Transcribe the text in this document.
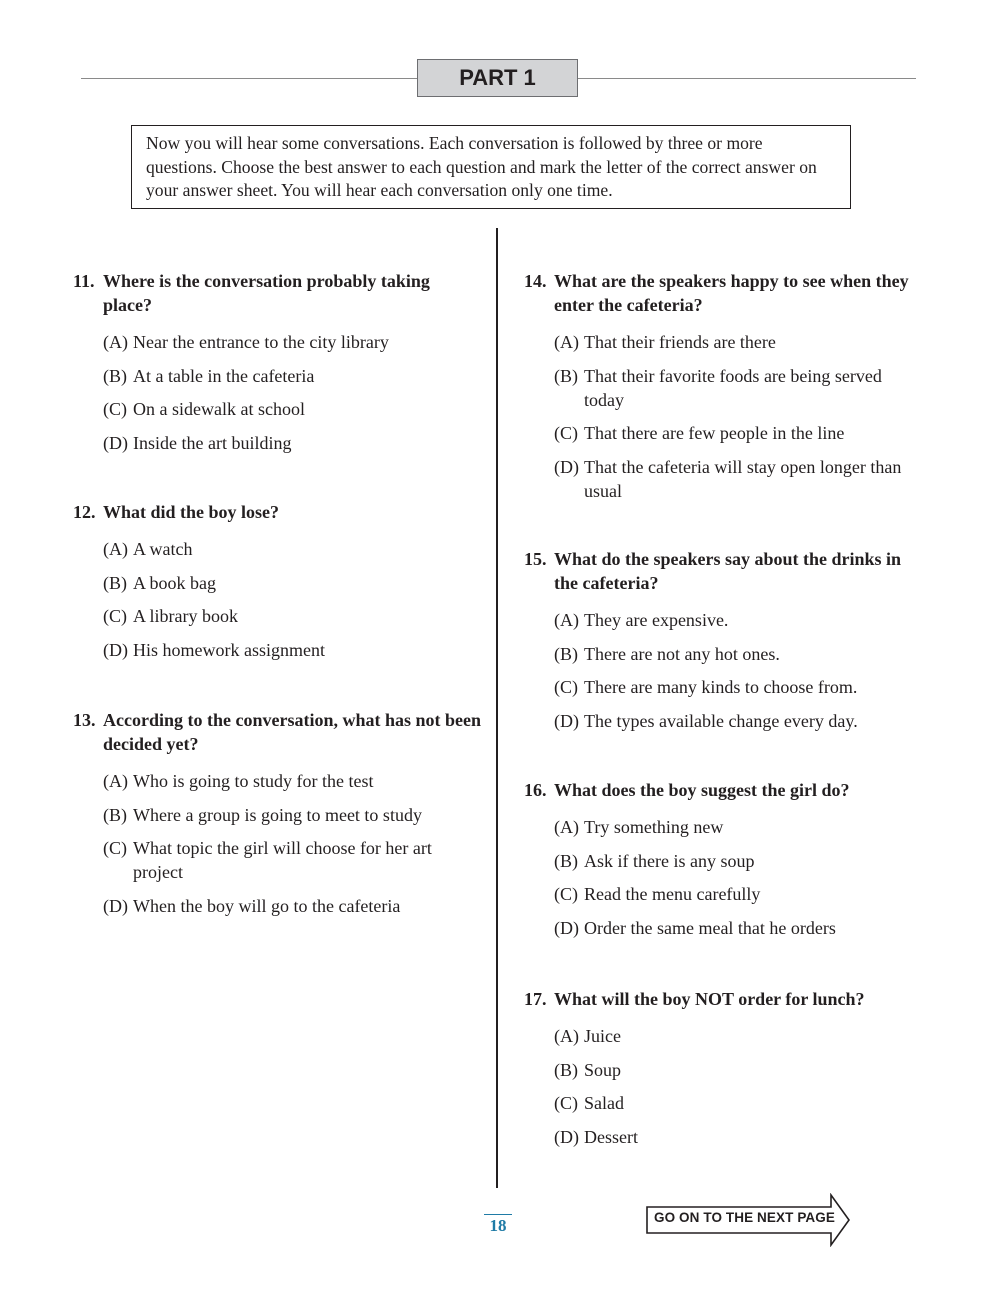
PART 1
Now you will hear some conversations. Each conversation is followed by three or more questions. Choose the best answer to each question and mark the letter of the correct answer on your answer sheet. You will hear each conversation only one time.
11. Where is the conversation probably taking place?
(A) Near the entrance to the city library
(B) At a table in the cafeteria
(C) On a sidewalk at school
(D) Inside the art building
12. What did the boy lose?
(A) A watch
(B) A book bag
(C) A library book
(D) His homework assignment
13. According to the conversation, what has not been decided yet?
(A) Who is going to study for the test
(B) Where a group is going to meet to study
(C) What topic the girl will choose for her art project
(D) When the boy will go to the cafeteria
14. What are the speakers happy to see when they enter the cafeteria?
(A) That their friends are there
(B) That their favorite foods are being served today
(C) That there are few people in the line
(D) That the cafeteria will stay open longer than usual
15. What do the speakers say about the drinks in the cafeteria?
(A) They are expensive.
(B) There are not any hot ones.
(C) There are many kinds to choose from.
(D) The types available change every day.
16. What does the boy suggest the girl do?
(A) Try something new
(B) Ask if there is any soup
(C) Read the menu carefully
(D) Order the same meal that he orders
17. What will the boy NOT order for lunch?
(A) Juice
(B) Soup
(C) Salad
(D) Dessert
18	GO ON TO THE NEXT PAGE
